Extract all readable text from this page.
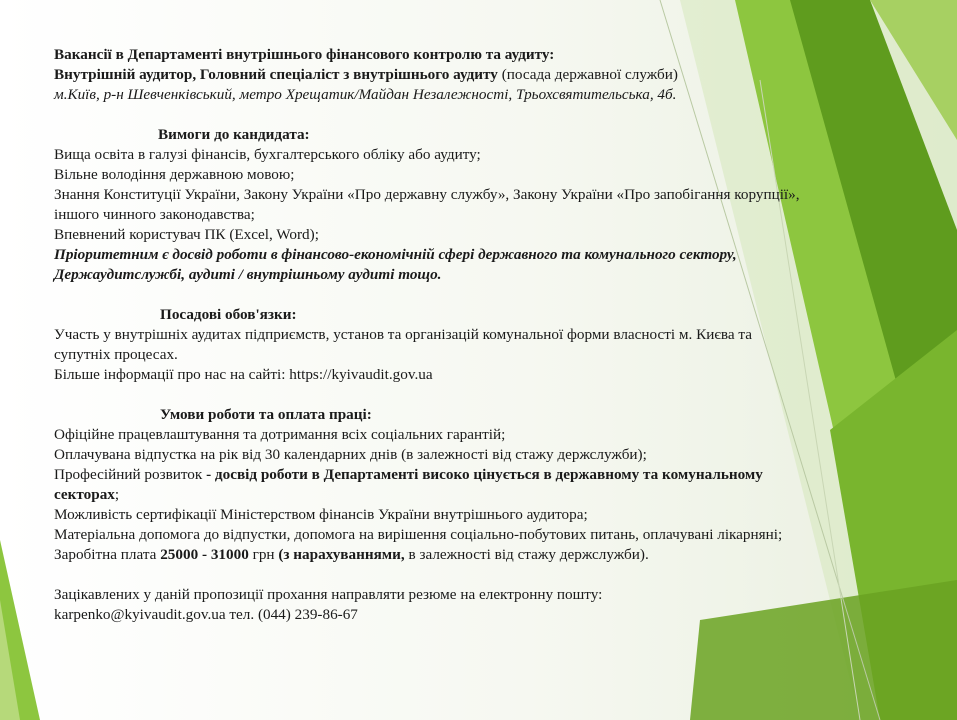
Вакансії в Департаменті внутрішнього фінансового контролю та аудиту:
Внутрішній аудитор, Головний спеціаліст з внутрішнього аудиту (посада державної служби)
м.Київ, р-н Шевченківський, метро Хрещатик/Майдан Незалежності, Трьохсвятительська, 4б.
Вимоги до кандидата:
Вища освіта в галузі фінансів, бухгалтерського обліку або аудиту;
Вільне володіння державною мовою;
Знання Конституції України, Закону України «Про державну службу», Закону України «Про запобігання корупції»,
іншого чинного законодавства;
Впевнений користувач ПК (Excel, Word);
Пріоритетним є досвід роботи в фінансово-економічній сфері державного та комунального сектору,
Держаудитслужбі, аудиті / внутрішньому аудиті тощо.
Посадові обов'язки:
Участь у внутрішніх аудитах підприємств, установ та організацій комунальної форми власності м. Києва та
супутніх процесах.
Більше інформації про нас на сайті: https://kyivaudit.gov.ua
Умови роботи та оплата праці:
Офіційне працевлаштування та дотримання всіх соціальних гарантій;
Оплачувана відпустка на рік від 30 календарних днів (в залежності від стажу держслужби);
Професійний розвиток - досвід роботи в Департаменті високо цінується в державному та комунальному
секторах;
Можливість сертифікації Міністерством фінансів України внутрішнього аудитора;
Матеріальна допомога до відпустки, допомога на вирішення соціально-побутових питань, оплачувані лікарняні;
Заробітна плата 25000 - 31000 грн (з нарахуваннями, в залежності від стажу держслужби).
Зацікавлених у даній пропозиції прохання направляти резюме на електронну пошту:
karpenko@kyivaudit.gov.ua тел. (044) 239-86-67
